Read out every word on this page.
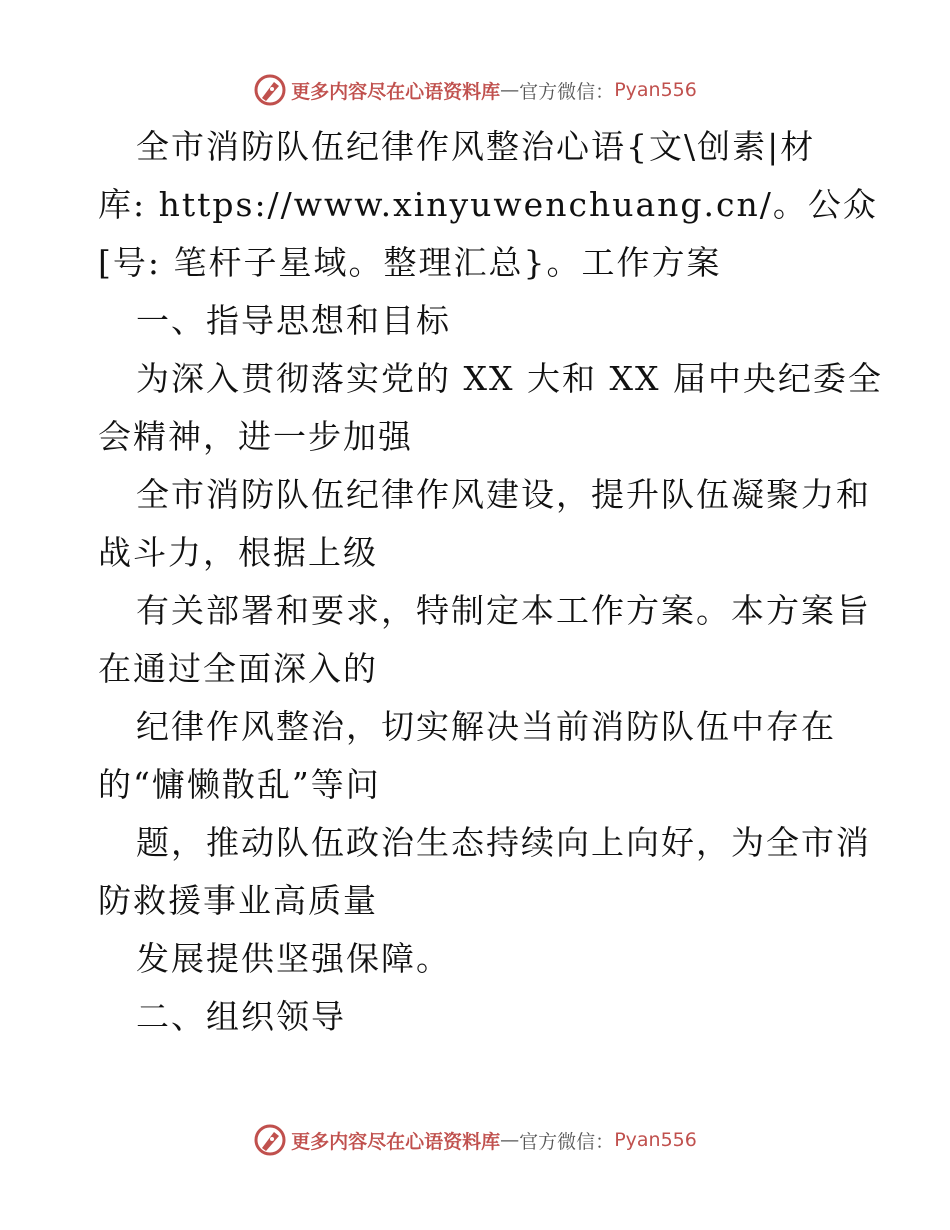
更多内容尽在心语资料库 — 官方微信： Pyan556
全市消防队伍纪律作风整治心语{文\创素|材
库: https://www.xinyuwenchuang.cn/。公众
[号: 笔杆子星域。整理汇总}。工作方案
一、指导思想和目标
为深入贯彻落实党的 XX 大和 XX 届中央纪委全
会精神，进一步加强
全市消防队伍纪律作风建设，提升队伍凝聚力和
战斗力，根据上级
有关部署和要求，特制定本工作方案。本方案旨
在通过全面深入的
纪律作风整治，切实解决当前消防队伍中存在
的“慵懒散乱”等问
题，推动队伍政治生态持续向上向好，为全市消
防救援事业高质量
发展提供坚强保障。
二、组织领导
更多内容尽在心语资料库 — 官方微信： Pyan556
